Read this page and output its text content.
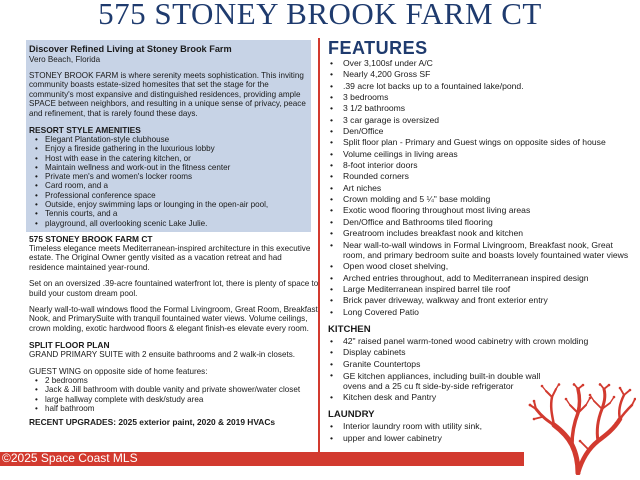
575 STONEY BROOK FARM CT
Discover Refined Living at Stoney Brook Farm
Vero Beach, Florida
STONEY BROOK FARM is where serenity meets sophistication. This inviting community boasts estate-sized homesites that set the stage for the community's most expansive and distinguished residences, providing ample SPACE between neighbors, and resulting in a unique sense of privacy, peace and refinement, that is rarely found these days.
RESORT STYLE AMENITIES
• Elegant Plantation-style clubhouse
• Enjoy a fireside gathering in the luxurious lobby
• Host with ease in the catering kitchen, or
• Maintain wellness and work-out in the fitness center
• Private men's and women's locker rooms
• Card room, and a
• Professional conference space
• Outside, enjoy swimming laps or lounging in the open-air pool,
• Tennis courts, and a
• playground, all overlooking scenic Lake Julie.
575 STONEY BROOK FARM CT
Timeless elegance meets Mediterranean-inspired architecture in this executive estate. The Original Owner gently visited as a vacation retreat and had residence maintained year-round.
Set on an oversized .39-acre fountained waterfront lot, there is plenty of space to build your custom dream pool.
Nearly wall-to-wall windows flood the Formal Livingroom, Great Room, Breakfast Nook, and PrimarySuite with tranquil fountained water views. Volume ceilings, crown molding, exotic hardwood floors & elegant finish-es elevate every room.
SPLIT FLOOR PLAN
GRAND PRIMARY SUITE with 2 ensuite bathrooms and 2 walk-in closets.
GUEST WING on opposite side of home features:
• 2 bedrooms
• Jack & Jill bathroom with double vanity and private shower/water closet
• large hallway complete with desk/study area
• half bathroom
RECENT UPGRADES: 2025 exterior paint, 2020 & 2019 HVACs
FEATURES
• Over 3,100sf under A/C
• Nearly 4,200 Gross SF
• .39 acre lot backs up to a fountained lake/pond.
• 3 bedrooms
• 3 1/2 bathrooms
• 3 car garage is oversized
• Den/Office
• Split floor plan - Primary and Guest wings on opposite sides of house
• Volume ceilings in living areas
• 8-foot interior doors
• Rounded corners
• Art niches
• Crown molding and 5 ¼" base molding
• Exotic wood flooring throughout most living areas
• Den/Office and Bathrooms tiled flooring
• Greatroom includes breakfast nook and kitchen
• Near wall-to-wall windows in Formal Livingroom, Breakfast nook, Great room, and primary bedroom suite and boasts lovely fountained water views
• Open wood closet shelving,
• Arched entries throughout, add to Mediterranean inspired design
• Large Mediterranean inspired barrel tile roof
• Brick paver driveway, walkway and front exterior entry
• Long Covered Patio
KITCHEN
• 42" raised panel warm-toned wood cabinetry with crown molding
• Display cabinets
• Granite Countertops
• GE kitchen appliances, including built-in double wall ovens and a 25 cu ft side-by-side refrigerator
• Kitchen desk and Pantry
LAUNDRY
• Interior laundry room with utility sink,
• upper and lower cabinetry
©2025 Space Coast MLS
